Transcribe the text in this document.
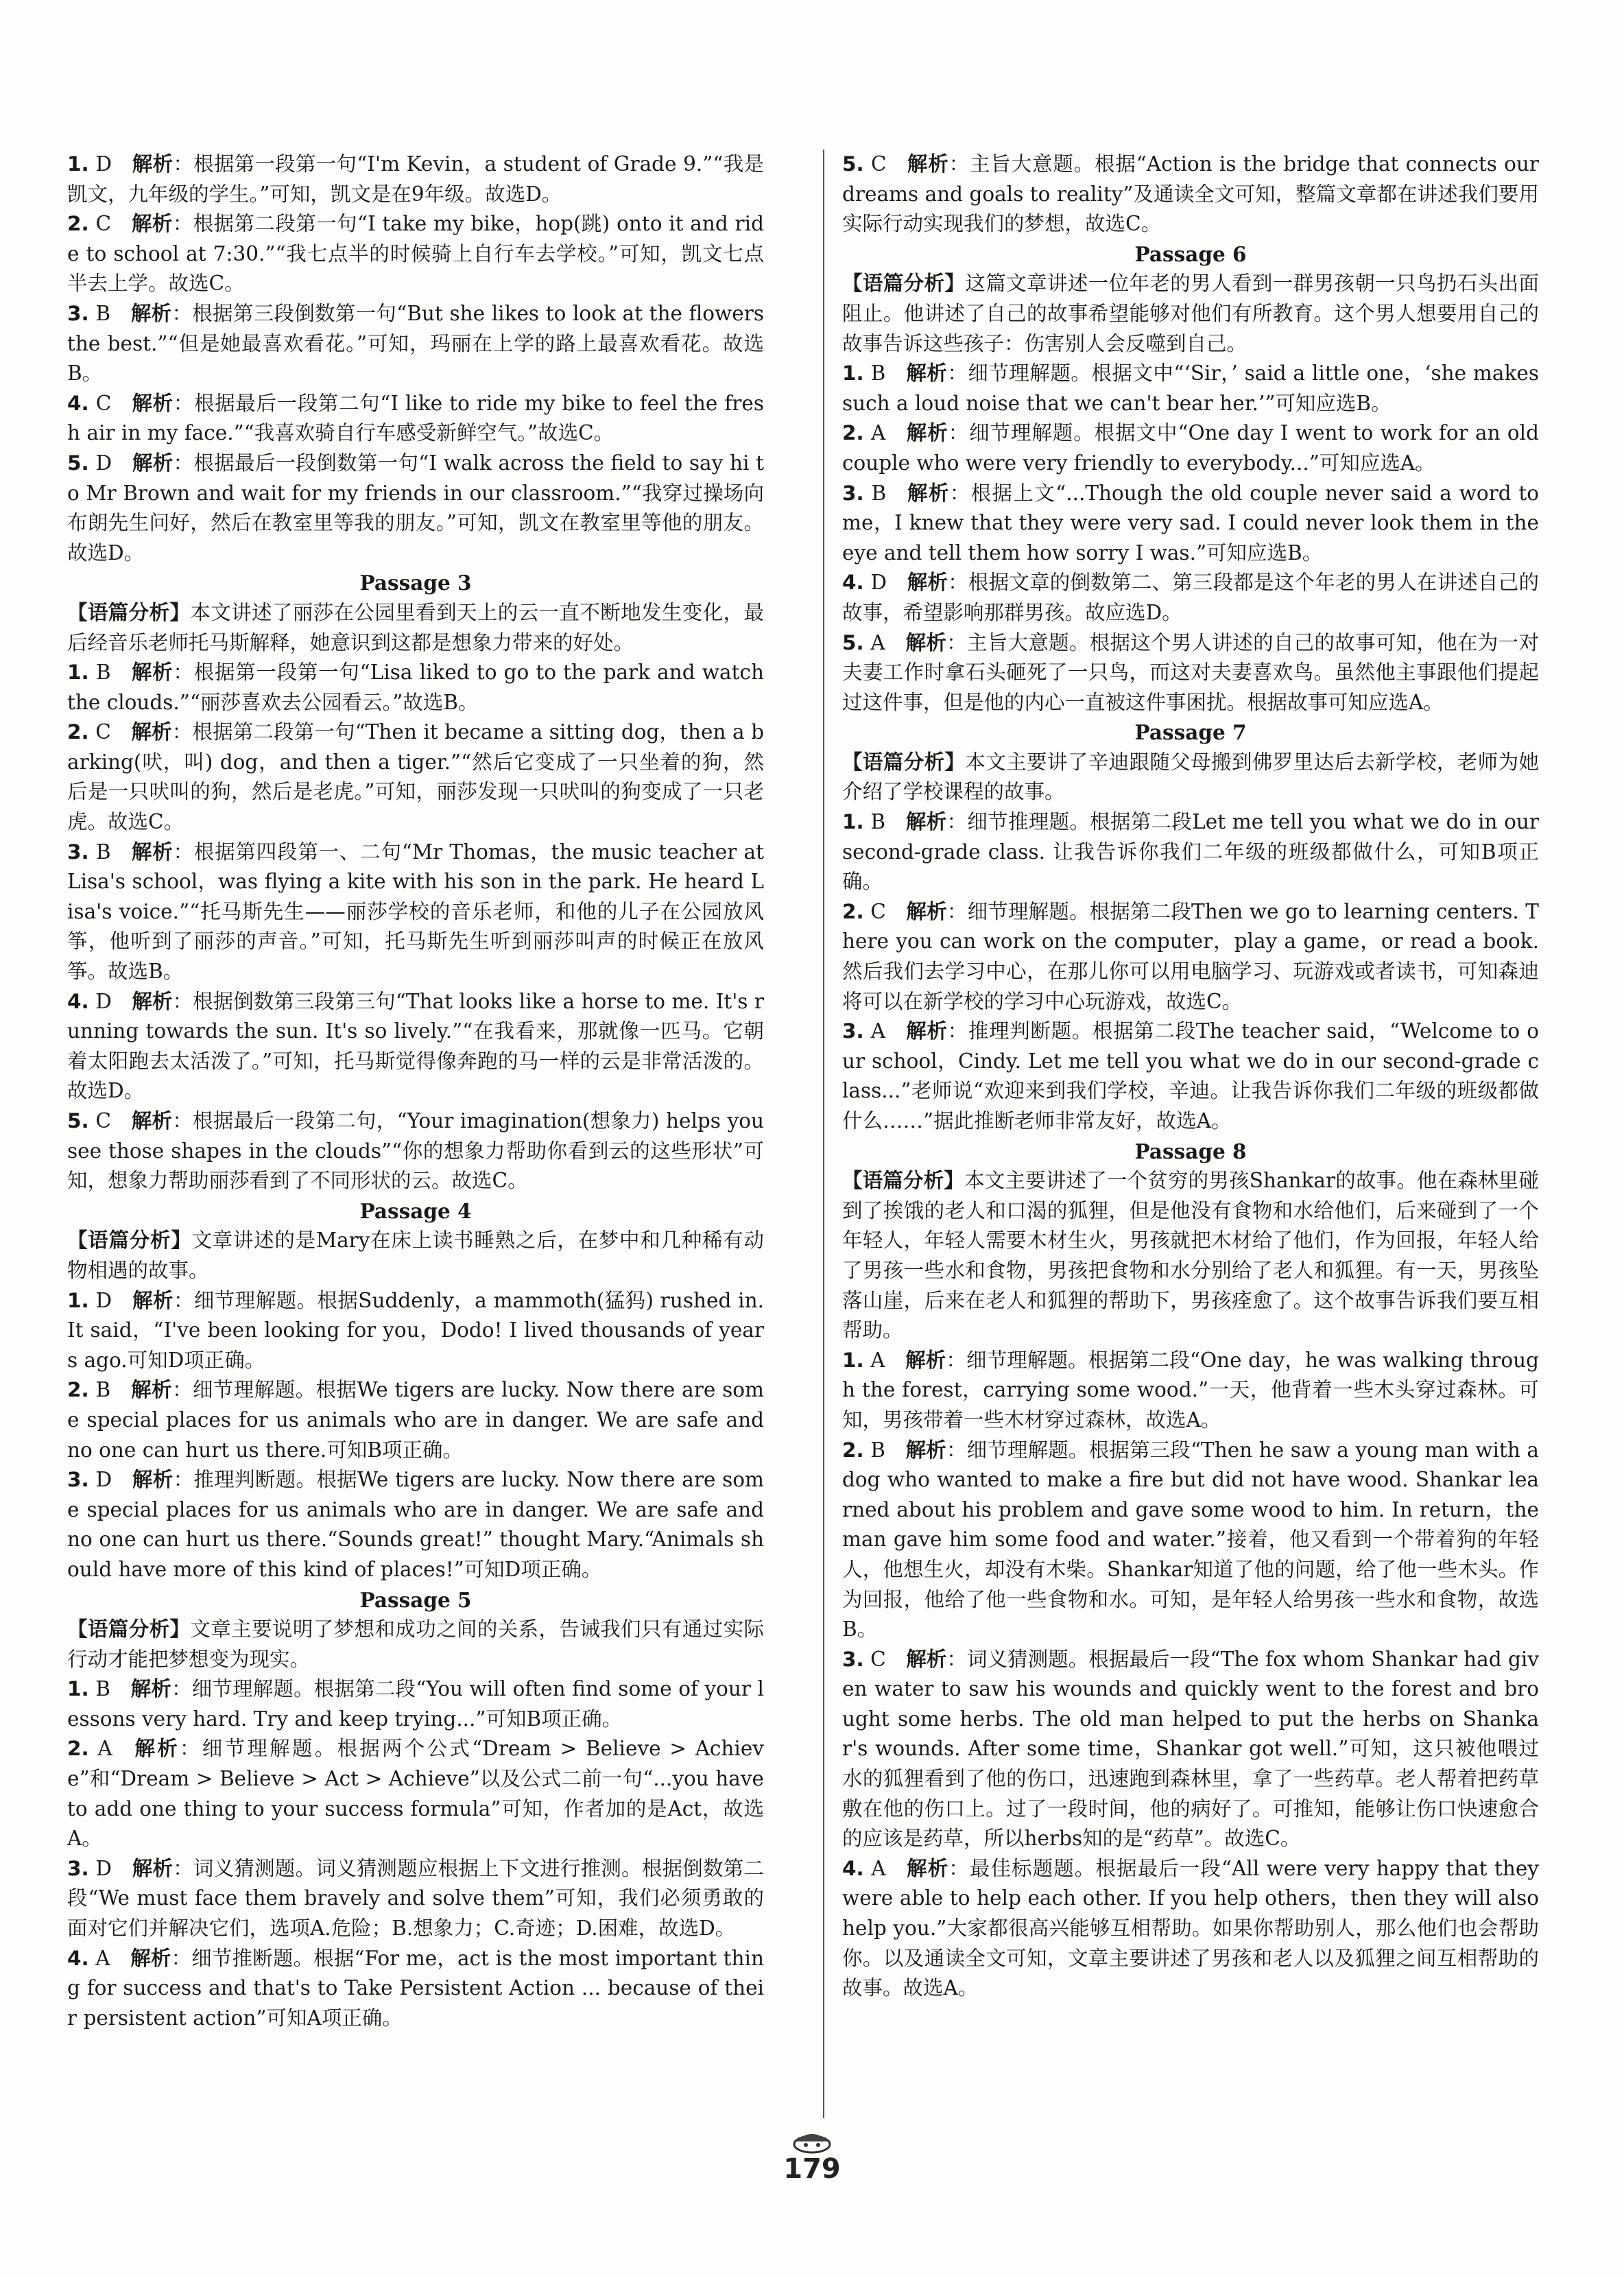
1. D  解析：根据第一段第一句“I'm Kevin，a student of Grade 9.”“我是凯文，九年级的学生。”可知，凯文是在9年级。故选D。

2. C  解析：根据第二段第一句“I take my bike，hop(跳) onto it and ride to school at 7:30.”“我七点半的时候骑上自行车去学校。”可知，凯文七点半去上学。故选C。

3. B  解析：根据第三段倒数第一句“But she likes to look at the flowers the best.”“但是她最喜欢看花。”可知，玛丽在上学的路上最喜欢看花。故选B。

4. C  解析：根据最后一段第二句“I like to ride my bike to feel the fresh air in my face.”“我喜欢骑自行车感受新鲜空气。”故选C。

5. D  解析：根据最后一段倒数第一句“I walk across the field to say hi to Mr Brown and wait for my friends in our classroom.”“我穿过操场向布朗先生问好，然后在教室里等我的朋友。”可知，凯文在教室里等他的朋友。故选D。

Passage 3

【语篇分析】本文讲述了丽莎在公园里看到天上的云一直不断地发生变化，最后经音乐老师托马斯解释，她意识到这都是想象力带来的好处。

1. B  解析：根据第一段第一句“Lisa liked to go to the park and watch the clouds.”“丽莎喜欢去公园看云。”故选B。

2. C  解析：根据第二段第一句“Then it became a sitting dog，then a barking(吠，叫) dog，and then a tiger.”“然后它变成了一只坐着的狗，然后是一只吠叫的狗，然后是老虎。”可知，丽莎发现一只吠叫的狗变成了一只老虎。故选C。

3. B  解析：根据第四段第一、二句“Mr Thomas，the music teacher at Lisa's school，was flying a kite with his son in the park. He heard Lisa's voice.”“托马斯先生——丽莎学校的音乐老师，和他的儿子在公园放风筝，他听到了丽莎的声音。”可知，托马斯先生听到丽莎叫声的时候正在放风筝。故选B。

4. D  解析：根据倒数第三段第三句“That looks like a horse to me. It's running towards the sun. It's so lively.”“在我看来，那就像一匹马。它朝着太阳跑去太活泼了。”可知，托马斯觉得像奔跑的马一样的云是非常活泼的。故选D。

5. C  解析：根据最后一段第二句，“Your imagination(想象力) helps you see those shapes in the clouds”“你的想象力帮助你看到云的这些形状”可知，想象力帮助丽莎看到了不同形状的云。故选C。

Passage 4

【语篇分析】文章讲述的是Mary在床上读书睡熟之后，在梦中和几种稀有动物相遇的故事。

1. D  解析：细节理解题。根据Suddenly，a mammoth(猛犸) rushed in. It said，“I've been looking for you，Dodo! I lived thousands of years ago.可知D项正确。

2. B  解析：细节理解题。根据We tigers are lucky. Now there are some special places for us animals who are in danger. We are safe and no one can hurt us there.可知B项正确。

3. D  解析：推理判断题。根据We tigers are lucky. Now there are some special places for us animals who are in danger. We are safe and no one can hurt us there.“Sounds great!” thought Mary.“Animals should have more of this kind of places!”可知D项正确。

Passage 5

【语篇分析】文章主要说明了梦想和成功之间的关系，告诫我们只有通过实际行动才能把梦想变为现实。

1. B  解析：细节理解题。根据第二段“You will often find some of your lessons very hard. Try and keep trying...”可知B项正确。

2. A  解析：细节理解题。根据两个公式“Dream > Believe > Achieve”和“Dream > Believe > Act > Achieve”以及公式二前一句“...you have to add one thing to your success formula”可知，作者加的是Act，故选A。

3. D  解析：词义猜测题。词义猜测题应根据上下文进行推测。根据倒数第二段“We must face them bravely and solve them”可知，我们必须勇敢的面对它们并解决它们，选项A.危险；B.想象力；C.奇迹；D.困难，故选D。

4. A  解析：细节推断题。根据“For me，act is the most important thing for success and that's to Take Persistent Action ... because of their persistent action”可知A项正确。

5. C  解析：主旨大意题。根据“Action is the bridge that connects our dreams and goals to reality”及通读全文可知，整篇文章都在讲述我们要用实际行动实现我们的梦想，故选C。

Passage 6

【语篇分析】这篇文章讲述一位年老的男人看到一群男孩朝一只鸟扔石头出面阻止。他讲述了自己的故事希望能够对他们有所教育。这个男人想要用自己的故事告诉这些孩子：伤害别人会反噬到自己。

1. B  解析：细节理解题。根据文中“‘Sir，’ said a little one，‘she makes such a loud noise that we can't bear her.’”可知应选B。

2. A  解析：细节理解题。根据文中“One day I went to work for an old couple who were very friendly to everybody...”可知应选A。

3. B  解析：根据上文“...Though the old couple never said a word to me，I knew that they were very sad. I could never look them in the eye and tell them how sorry I was.”可知应选B。

4. D  解析：根据文章的倒数第二、第三段都是这个年老的男人在讲述自己的故事，希望影响那群男孩。故应选D。

5. A  解析：主旨大意题。根据这个男人讲述的自己的故事可知，他在为一对夫妻工作时拿石头砸死了一只鸟，而这对夫妻喜欢鸟。虽然他主事跟他们提起过这件事，但是他的内心一直被这件事困扰。根据故事可知应选A。

Passage 7

【语篇分析】本文主要讲了辛迪跟随父母搬到佛罗里达后去新学校，老师为她介绍了学校课程的故事。

1. B  解析：细节推理题。根据第二段Let me tell you what we do in our second-grade class. 让我告诉你我们二年级的班级都做什么，可知B项正确。

2. C  解析：细节理解题。根据第二段Then we go to learning centers. There you can work on the computer，play a game，or read a book. 然后我们去学习中心，在那儿你可以用电脑学习、玩游戏或者读书，可知森迪将可以在新学校的学习中心玩游戏，故选C。

3. A  解析：推理判断题。根据第二段The teacher said，“Welcome to our school，Cindy. Let me tell you what we do in our second-grade class...”老师说“欢迎来到我们学校，辛迪。让我告诉你我们二年级的班级都做什么……”据此推断老师非常友好，故选A。

Passage 8

【语篇分析】本文主要讲述了一个贫穷的男孩Shankar的故事。他在森林里碰到了挨饿的老人和口渴的狐狸，但是他没有食物和水给他们，后来碰到了一个年轻人，年轻人需要木材生火，男孩就把木材给了他们，作为回报，年轻人给了男孩一些水和食物，男孩把食物和水分别给了老人和狐狸。有一天，男孩坠落山崖，后来在老人和狐狸的帮助下，男孩痊愈了。这个故事告诉我们要互相帮助。

1. A  解析：细节理解题。根据第二段“One day，he was walking through the forest，carrying some wood.”一天，他背着一些木头穿过森林。可知，男孩带着一些木材穿过森林，故选A。

2. B  解析：细节理解题。根据第三段“Then he saw a young man with a dog who wanted to make a fire but did not have wood. Shankar learned about his problem and gave some wood to him. In return，the man gave him some food and water.”接着，他又看到一个带着狗的年轻人，他想生火，却没有木柴。Shankar知道了他的问题，给了他一些木头。作为回报，他给了他一些食物和水。可知，是年轻人给男孩一些水和食物，故选B。

3. C  解析：词义猜测题。根据最后一段“The fox whom Shankar had given water to saw his wounds and quickly went to the forest and brought some herbs. The old man helped to put the herbs on Shankar's wounds. After some time，Shankar got well.”可知，这只被他喂过水的狐狸看到了他的伤口，迅速跑到森林里，拿了一些药草。老人帮着把药草敷在他的伤口上。过了一段时间，他的病好了。可推知，能够让伤口快速愈合的应该是药草，所以herbs知的是“药草”。故选C。

4. A  解析：最佳标题题。根据最后一段“All were very happy that they were able to help each other. If you help others，then they will also help you.”大家都很高兴能够互相帮助。如果你帮助别人，那么他们也会帮助你。以及通读全文可知，文章主要讲述了男孩和老人以及狐狸之间互相帮助的故事。故选A。

179
